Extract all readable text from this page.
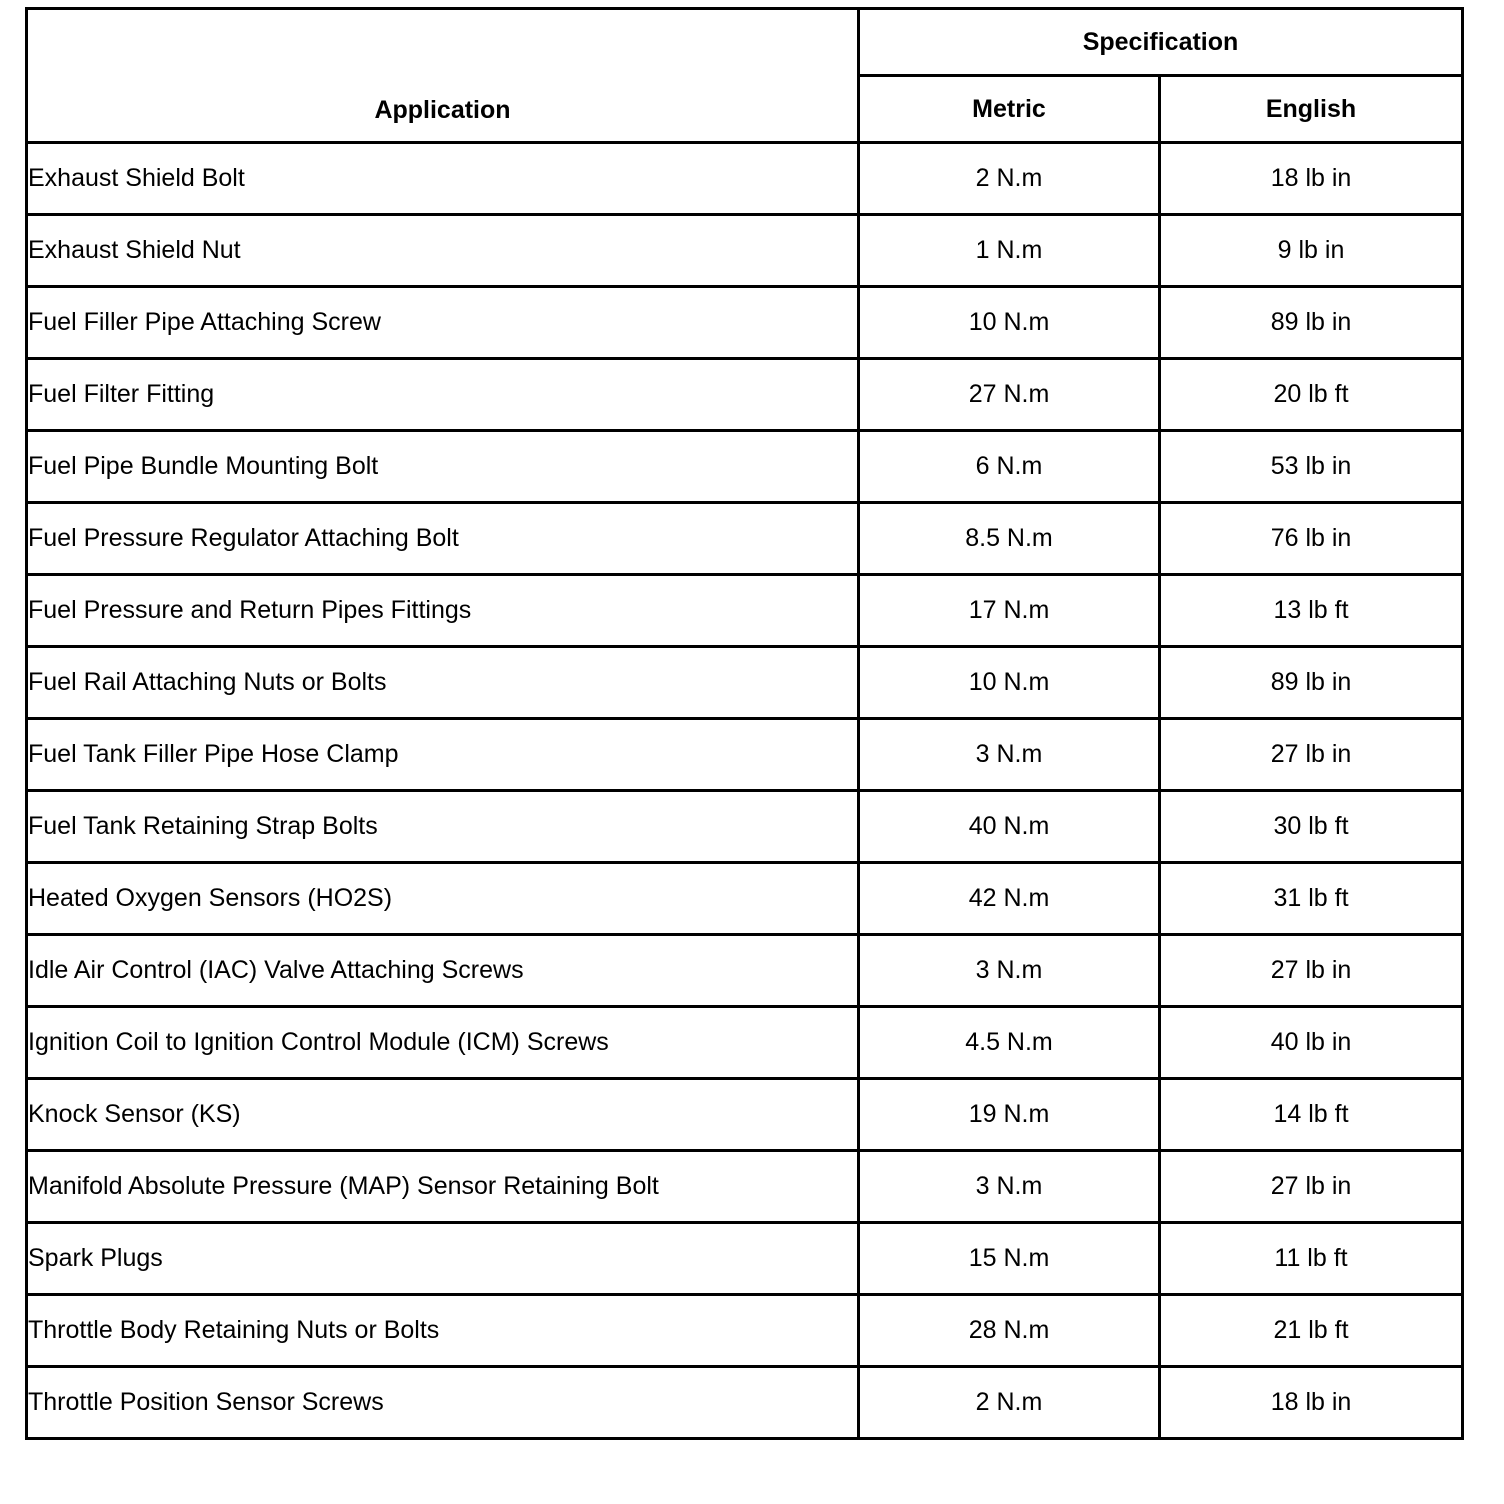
Application	Specification	
	Metric	English
Exhaust Shield Bolt	2 N.m	18 lb in
Exhaust Shield Nut	1 N.m	9 lb in
Fuel Filler Pipe Attaching Screw	10 N.m	89 lb in
Fuel Filter Fitting	27 N.m	20 lb ft
Fuel Pipe Bundle Mounting Bolt	6 N.m	53 lb in
Fuel Pressure Regulator Attaching Bolt	8.5 N.m	76 lb in
Fuel Pressure and Return Pipes Fittings	17 N.m	13 lb ft
Fuel Rail Attaching Nuts or Bolts	10 N.m	89 lb in
Fuel Tank Filler Pipe Hose Clamp	3 N.m	27 lb in
Fuel Tank Retaining Strap Bolts	40 N.m	30 lb ft
Heated Oxygen Sensors (HO2S)	42 N.m	31 lb ft
Idle Air Control (IAC) Valve Attaching Screws	3 N.m	27 lb in
Ignition Coil to Ignition Control Module (ICM) Screws	4.5 N.m	40 lb in
Knock Sensor (KS)	19 N.m	14 lb ft
Manifold Absolute Pressure (MAP) Sensor Retaining Bolt	3 N.m	27 lb in
Spark Plugs	15 N.m	11 lb ft
Throttle Body Retaining Nuts or Bolts	28 N.m	21 lb ft
Throttle Position Sensor Screws	2 N.m	18 lb in
